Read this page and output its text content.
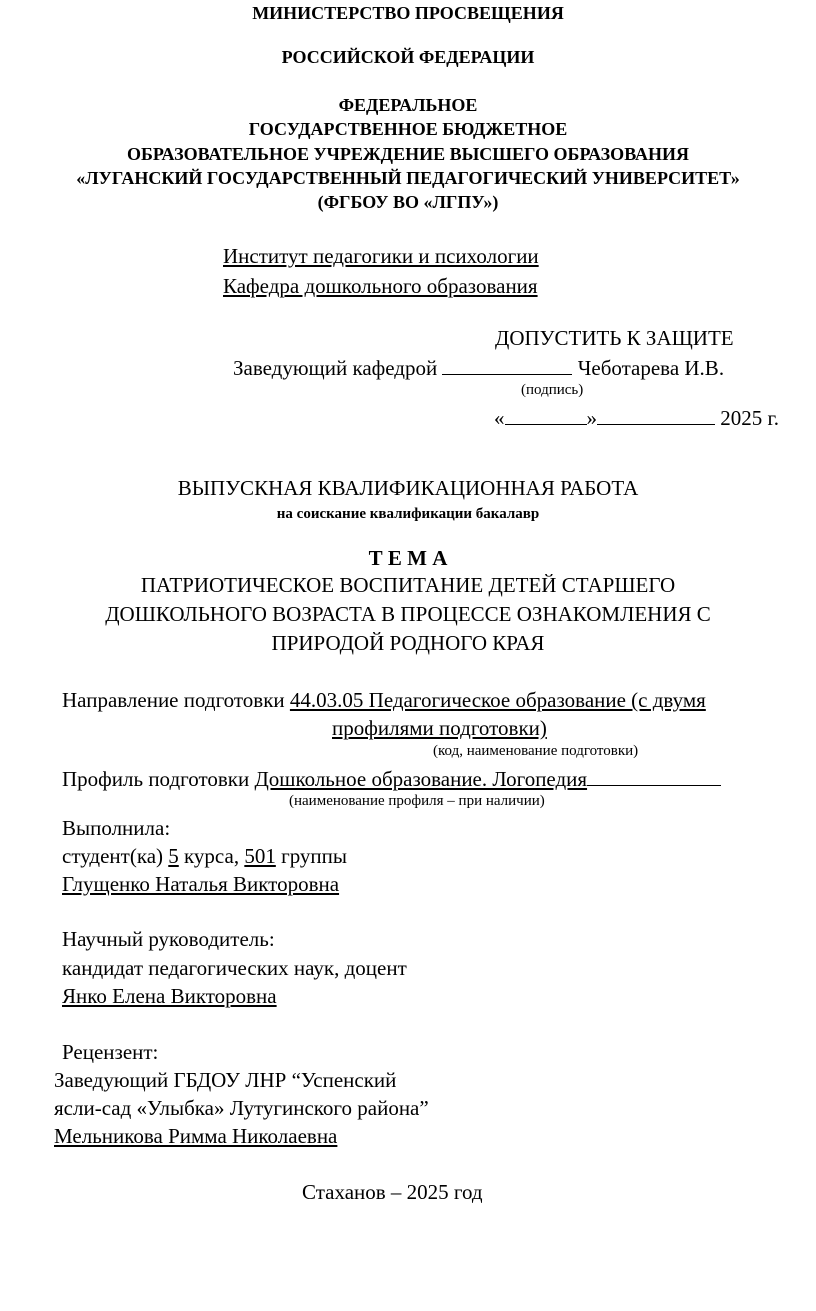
МИНИСТЕРСТВО ПРОСВЕЩЕНИЯ
РОССИЙСКОЙ ФЕДЕРАЦИИ
ФЕДЕРАЛЬНОЕ
ГОСУДАРСТВЕННОЕ БЮДЖЕТНОЕ
ОБРАЗОВАТЕЛЬНОЕ УЧРЕЖДЕНИЕ ВЫСШЕГО ОБРАЗОВАНИЯ
«ЛУГАНСКИЙ ГОСУДАРСТВЕННЫЙ ПЕДАГОГИЧЕСКИЙ УНИВЕРСИТЕТ»
(ФГБОУ ВО «ЛГПУ»)
Институт педагогики и психологии
Кафедра дошкольного образования
ДОПУСТИТЬ К ЗАЩИТЕ
Заведующий кафедрой	Чеботарева И.В.
(подпись)
«	»	2025 г.
ВЫПУСКНАЯ КВАЛИФИКАЦИОННАЯ РАБОТА
на соискание квалификации бакалавр
Т Е М А
ПАТРИОТИЧЕСКОЕ ВОСПИТАНИЕ ДЕТЕЙ СТАРШЕГО
ДОШКОЛЬНОГО ВОЗРАСТА В ПРОЦЕССЕ ОЗНАКОМЛЕНИЯ С
ПРИРОДОЙ РОДНОГО КРАЯ
Направление подготовки 44.03.05 Педагогическое образование (с двумя
профилями подготовки)
(код, наименование подготовки)
Профиль подготовки Дошкольное образование. Логопедия
(наименование профиля – при наличии)
Выполнила:
студент(ка) 5 курса, 501 группы
Глущенко Наталья Викторовна
Научный руководитель:
кандидат педагогических наук, доцент
Янко Елена Викторовна
Рецензент:
Заведующий ГБДОУ ЛНР “Успенский
ясли-сад «Улыбка» Лутугинского района”
Мельникова Римма Николаевна
Стаханов – 2025 год
